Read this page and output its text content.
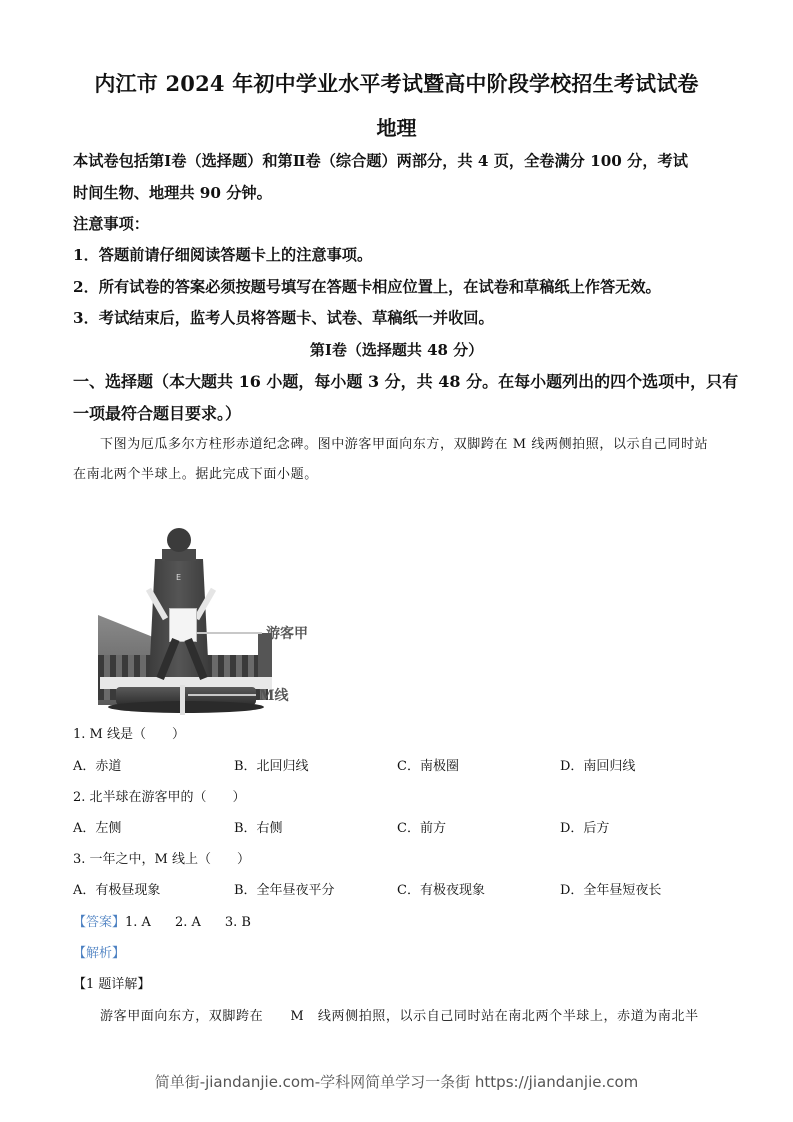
内江市 2024 年初中学业水平考试暨高中阶段学校招生考试试卷
地理
本试卷包括第Ⅰ卷（选择题）和第Ⅱ卷（综合题）两部分，共 4 页，全卷满分 100 分，考试
时间生物、地理共 90 分钟。
注意事项：
1．答题前请仔细阅读答题卡上的注意事项。
2．所有试卷的答案必须按题号填写在答题卡相应位置上，在试卷和草稿纸上作答无效。
3．考试结束后，监考人员将答题卡、试卷、草稿纸一并收回。
第Ⅰ卷（选择题共 48 分）
一、选择题（本大题共 16 小题，每小题 3 分，共 48 分。在每小题列出的四个选项中，只有
一项最符合题目要求。）
下图为厄瓜多尔方柱形赤道纪念碑。图中游客甲面向东方，双脚跨在 M 线两侧拍照，以示自己同时站
在南北两个半球上。据此完成下面小题。
E
游客甲
M线
1. M 线是（　　）
A．赤道	B．北回归线	C．南极圈	D．南回归线
2. 北半球在游客甲的（　　）
A．左侧	B．右侧	C．前方	D．后方
3. 一年之中，M 线上（　　）
A．有极昼现象	B．全年昼夜平分	C．有极夜现象	D．全年昼短夜长
【答案】1. A 2. A 3. B
【解析】
【1 题详解】
游客甲面向东方，双脚跨在　　M　线两侧拍照，以示自己同时站在南北两个半球上，赤道为南北半
简单街-jiandanjie.com-学科网简单学习一条街 https://jiandanjie.com
